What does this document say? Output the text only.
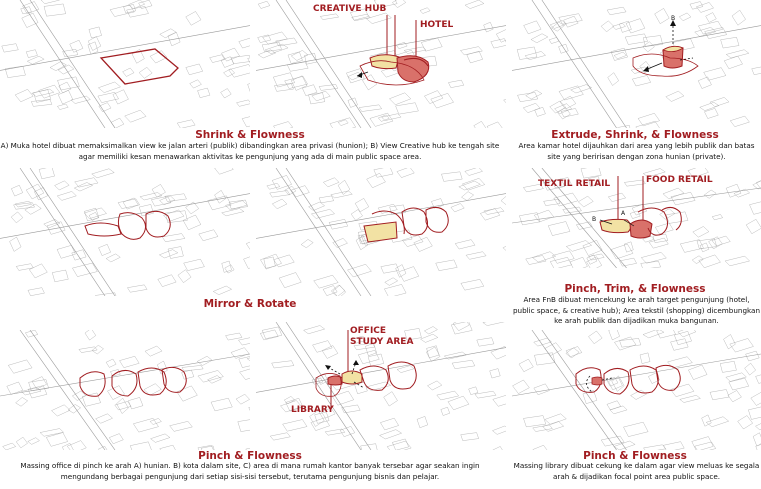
CREATIVE HUB
HOTEL
B
Shrink & Flowness
A) Muka hotel dibuat memaksimalkan view ke jalan arteri (publik) dibandingkan area privasi (hunion); B) View Creative hub ke tengah site agar memiliki kesan menawarkan aktivitas ke pengunjung yang ada di main public space area.
Extrude, Shrink, & Flowness
Area kamar hotel dijauhkan dari area yang lebih publik dan batas site yang beririsan dengan zona hunian (private).
TEXTIL RETAIL	FOOD RETAIL
A
B
Mirror & Rotate
Pinch, Trim, & Flowness
Area FnB dibuat mencekung ke arah target pengunjung (hotel, public space, & creative hub); Area tekstil (shopping) dicembungkan ke arah publik dan dijadikan muka bangunan.
OFFICE
STUDY AREA
LIBRARY
Pinch & Flowness
Massing office di pinch ke arah A) hunian. B) kota dalam site, C) area di mana rumah kantor banyak tersebar agar seakan ingin mengundang berbagai pengunjung dari setiap sisi-sisi tersebut, terutama pengunjung bisnis dan pelajar.
Pinch & Flowness
Massing library dibuat cekung ke dalam agar view meluas ke segala arah & dijadikan focal point area public space.
